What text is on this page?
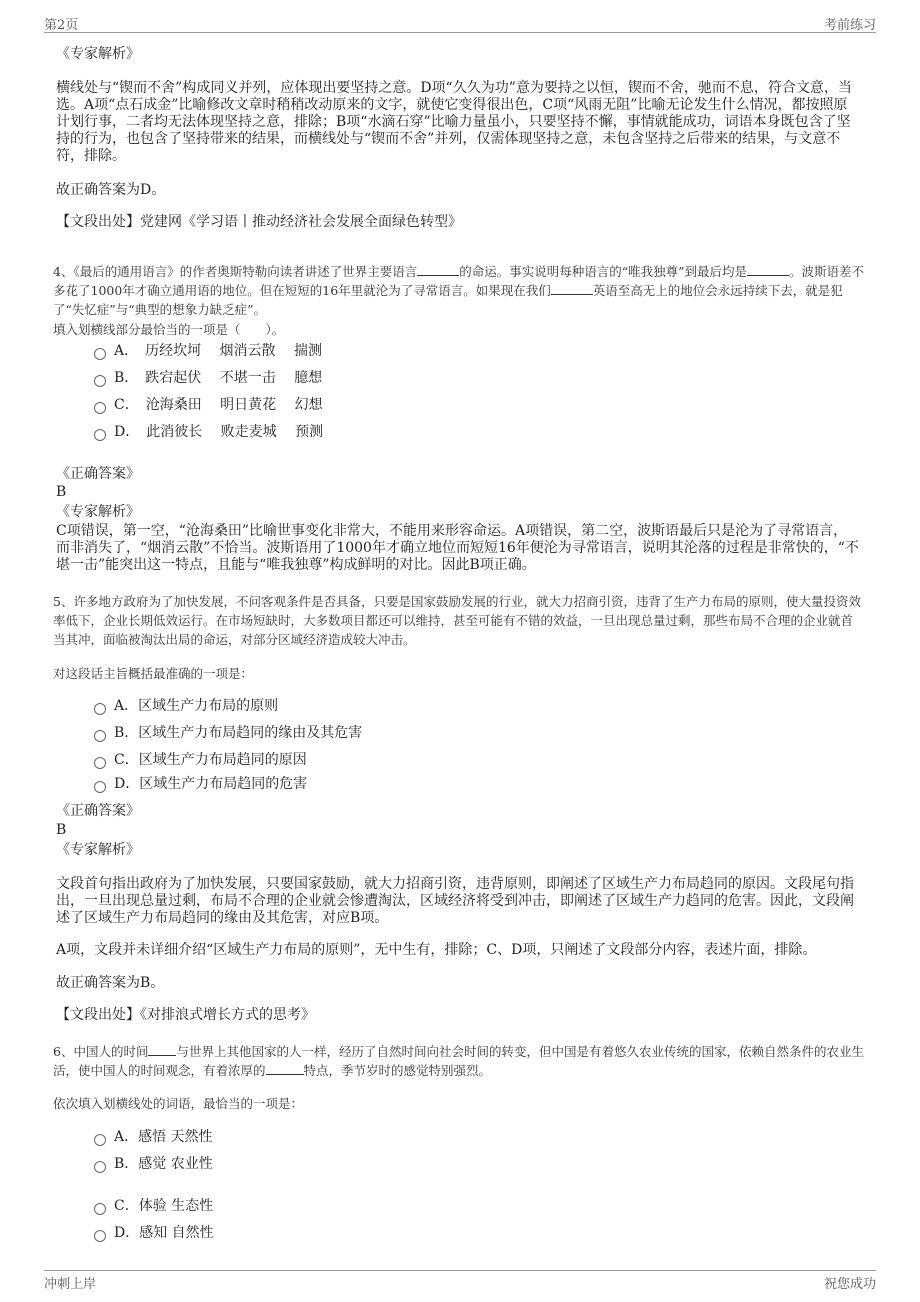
第2页	考前练习
《专家解析》
横线处与“锲而不舍”构成同义并列，应体现出要坚持之意。D项“久久为功”意为要持之以恒，锲而不舍，驰而不息，符合文意，当选。A项“点石成金”比喻修改文章时稍稍改动原来的文字，就使它变得很出色，C项“风雨无阻”比喻无论发生什么情况，都按照原计划行事，二者均无法体现坚持之意，排除；B项“水滴石穿”比喻力量虽小，只要坚持不懈，事情就能成功，词语本身既包含了坚持的行为，也包含了坚持带来的结果，而横线处与“锲而不舍”并列，仅需体现坚持之意，未包含坚持之后带来的结果，与文意不符，排除。
故正确答案为D。
【文段出处】党建网《学习语丨推动经济社会发展全面绿色转型》
4、《最后的通用语言》的作者奥斯特勒向读者讲述了世界主要语言	的命运。事实说明每种语言的“唯我独尊”到最后均是	。波斯语差不多花了1000年才确立通用语的地位。但在短短的16年里就沦为了寻常语言。如果现在我们	英语至高无上的地位会永远持续下去，就是犯了“失忆症”与“典型的想象力缺乏症”。
填入划横线部分最恰当的一项是（　　）。
A．　历经坎坷　 烟消云散　 揣测
B．　跌宕起伏　 不堪一击　 臆想
C．　沧海桑田　 明日黄花　 幻想
D．　此消彼长　 败走麦城　 预测
《正确答案》
B
《专家解析》
C项错误，第一空，“沧海桑田”比喻世事变化非常大，不能用来形容命运。A项错误，第二空，波斯语最后只是沦为了寻常语言，而非消失了，“烟消云散”不恰当。波斯语用了1000年才确立地位而短短16年便沦为寻常语言，说明其沦落的过程是非常快的，“不堪一击”能突出这一特点，且能与“唯我独尊”构成鲜明的对比。因此B项正确。
5、许多地方政府为了加快发展，不问客观条件是否具备，只要是国家鼓励发展的行业，就大力招商引资，违背了生产力布局的原则，使大量投资效率低下，企业长期低效运行。在市场短缺时，大多数项目都还可以维持，甚至可能有不错的效益，一旦出现总量过剩，那些布局不合理的企业就首当其冲，面临被淘汰出局的命运，对部分区域经济造成较大冲击。
对这段话主旨概括最准确的一项是：
A．区域生产力布局的原则
B．区域生产力布局趋同的缘由及其危害
C．区域生产力布局趋同的原因
D．区域生产力布局趋同的危害
《正确答案》
B
《专家解析》
文段首句指出政府为了加快发展，只要国家鼓励，就大力招商引资，违背原则，即阐述了区域生产力布局趋同的原因。文段尾句指出，一旦出现总量过剩，布局不合理的企业就会惨遭淘汰，区域经济将受到冲击，即阐述了区域生产力趋同的危害。因此，文段阐述了区域生产力布局趋同的缘由及其危害，对应B项。
A项，文段并未详细介绍“区域生产力布局的原则”，无中生有，排除；C、D项，只阐述了文段部分内容，表述片面，排除。
故正确答案为B。
【文段出处】《对排浪式增长方式的思考》
6、中国人的时间 与世界上其他国家的人一样，经历了自然时间向社会时间的转变，但中国是有着悠久农业传统的国家，依赖自然条件的农业生活，使中国人的时间观念，有着浓厚的	特点，季节岁时的感觉特别强烈。
依次填入划横线处的词语，最恰当的一项是：
A．感悟 天然性
B．感觉 农业性
C．体验 生态性
D．感知 自然性
冲刺上岸	祝您成功
